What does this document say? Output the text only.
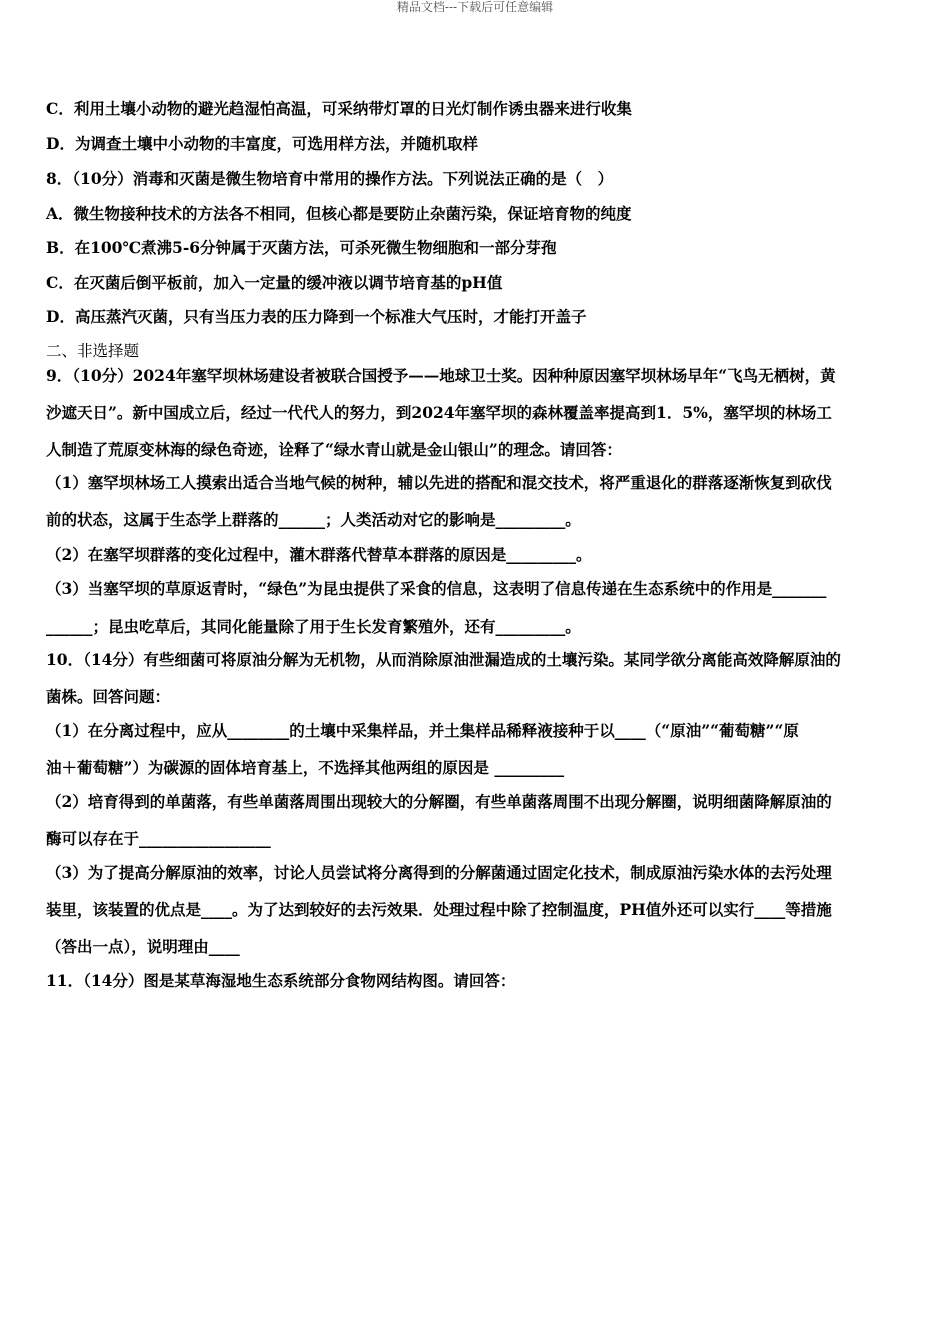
精品文档---下载后可任意编辑
C．利用土壤小动物的避光趋湿怕高温，可采纳带灯罩的日光灯制作诱虫器来进行收集
D．为调查土壤中小动物的丰富度，可选用样方法，并随机取样
8．（10分）消毒和灭菌是微生物培育中常用的操作方法。下列说法正确的是（　）
A．微生物接种技术的方法各不相同，但核心都是要防止杂菌污染，保证培育物的纯度
B．在100℃煮沸5-6分钟属于灭菌方法，可杀死微生物细胞和一部分芽孢
C．在灭菌后倒平板前，加入一定量的缓冲液以调节培育基的pH值
D．高压蒸汽灭菌，只有当压力表的压力降到一个标准大气压时，才能打开盖子
二、非选择题
9．（10分）2024年塞罕坝林场建设者被联合国授予——地球卫士奖。因种种原因塞罕坝林场早年“飞鸟无栖树，黄
沙遮天日”。新中国成立后，经过一代代人的努力，到2024年塞罕坝的森林覆盖率提高到1．5%，塞罕坝的林场工
人制造了荒原变林海的绿色奇迹，诠释了“绿水青山就是金山银山”的理念。请回答：
（1）塞罕坝林场工人摸索出适合当地气候的树种，辅以先进的搭配和混交技术，将严重退化的群落逐渐恢复到砍伐
前的状态，这属于生态学上群落的______；人类活动对它的影响是_________。
（2）在塞罕坝群落的变化过程中，灌木群落代替草本群落的原因是_________。
（3）当塞罕坝的草原返青时，“绿色”为昆虫提供了采食的信息，这表明了信息传递在生态系统中的作用是_______
______；昆虫吃草后，其同化能量除了用于生长发育繁殖外，还有_________。
10．（14分）有些细菌可将原油分解为无机物，从而消除原油泄漏造成的土壤污染。某同学欲分离能高效降解原油的
菌株。回答问题：
（1）在分离过程中，应从________的土壤中采集样品，并土集样品稀释液接种于以____（“原油”“葡萄糖”“原
油＋葡萄糖”）为碳源的固体培育基上，不选择其他两组的原因是 _________
（2）培育得到的单菌落，有些单菌落周围出现较大的分解圈，有些单菌落周围不出现分解圈，说明细菌降解原油的
酶可以存在于_________________
（3）为了提高分解原油的效率，讨论人员尝试将分离得到的分解菌通过固定化技术，制成原油污染水体的去污处理
装里，该装置的优点是____。为了达到较好的去污效果．处理过程中除了控制温度，PH值外还可以实行____等措施
（答出一点），说明理由____
11．（14分）图是某草海湿地生态系统部分食物网结构图。请回答：
